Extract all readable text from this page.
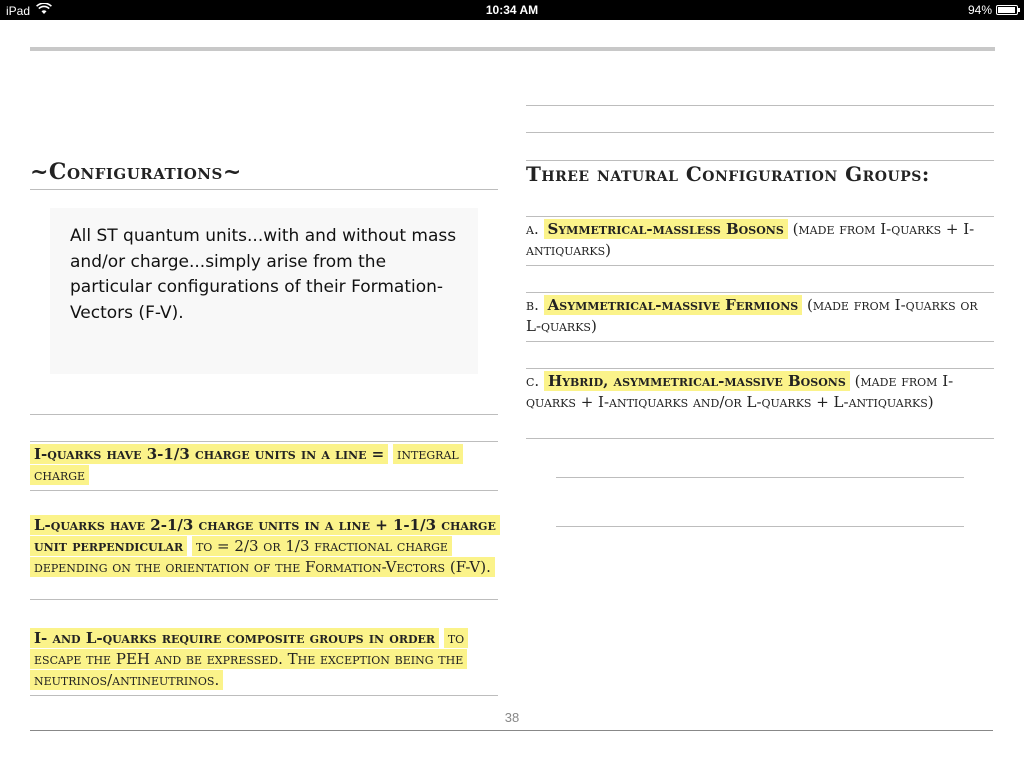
iPad	10:34 AM	94%
~Configurations~
All ST quantum units...with and without mass and/or charge...simply arise from the particular configurations of their Formation-Vectors (F-V).
I-quarks have 3-1/3 charge units in a line = integral charge
L-quarks have 2-1/3 charge units in a line + 1-1/3 charge unit perpendicular to = 2/3 or 1/3 fractional charge depending on the orientation of the Formation-Vectors (F-V).
I- and L-quarks require composite groups in order to escape the PEH and be expressed. The exception being the neutrinos/antineutrinos.
Three natural Configuration Groups:
a. Symmetrical-massless Bosons (made from I-quarks + I-antiquarks)
b. Asymmetrical-massive Fermions (made from I-quarks or L-quarks)
c. Hybrid, asymmetrical-massive Bosons (made from I-quarks + I-antiquarks and/or L-quarks + L-antiquarks)
38
